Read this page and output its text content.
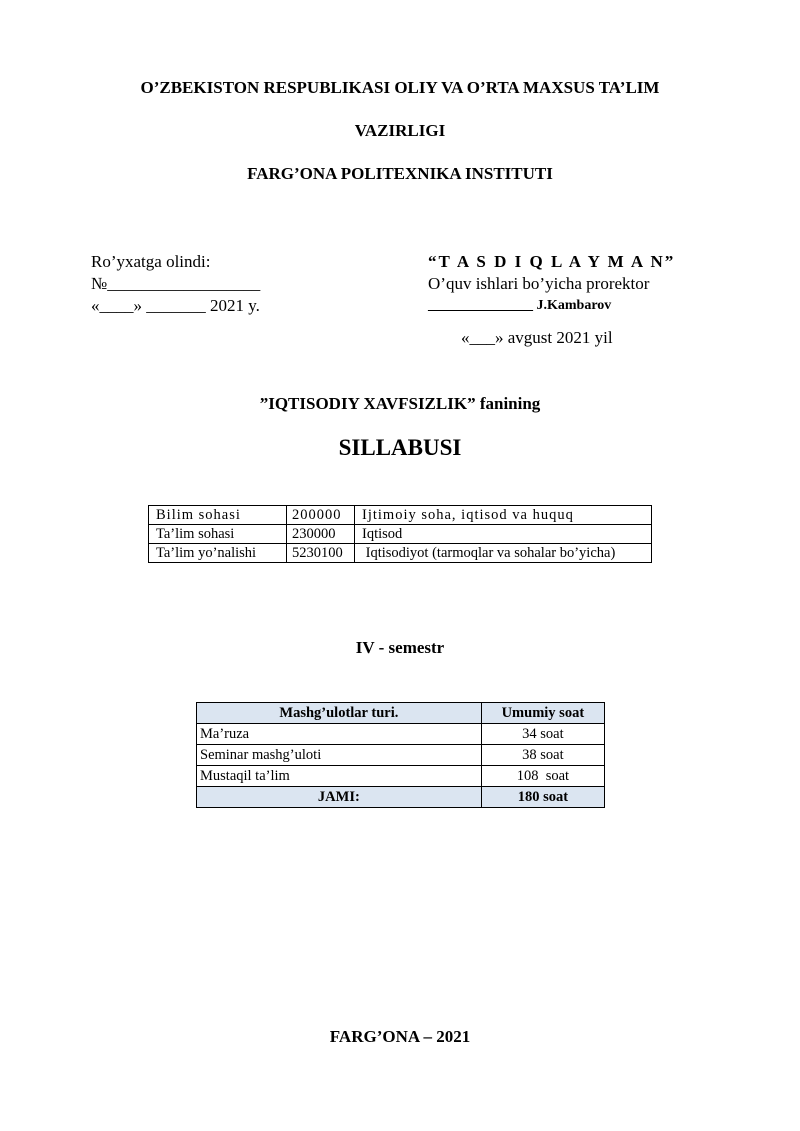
O’ZBEKISTON RESPUBLIKASI OLIY VA O’RTA MAXSUS TA’LIM
VAZIRLIGI
FARG’ONA POLITEXNIKA INSTITUTI
Ro’yxatga olindi:
№__________________
«____» _______ 2021 y.
“T A S D I Q L A Y M A N”
O’quv ishlari bo’yicha prorektor
_______________ J.Kambarov
«___» avgust 2021 yil
”IQTISODIY XAVFSIZLIK” fanining
SILLABUSI
Bilim sohasi	200000	Ijtimoiy soha, iqtisod va huquq
Ta’lim sohasi	230000	Iqtisod
Ta’lim yo’nalishi	5230100	Iqtisodiyot (tarmoqlar va sohalar bo’yicha)
IV - semestr
Mashg’ulotlar turi.	Umumiy soat
Ma’ruza	34 soat
Seminar mashg’uloti	38 soat
Mustaqil ta’lim	108  soat
JAMI:	180 soat
FARG’ONA – 2021
